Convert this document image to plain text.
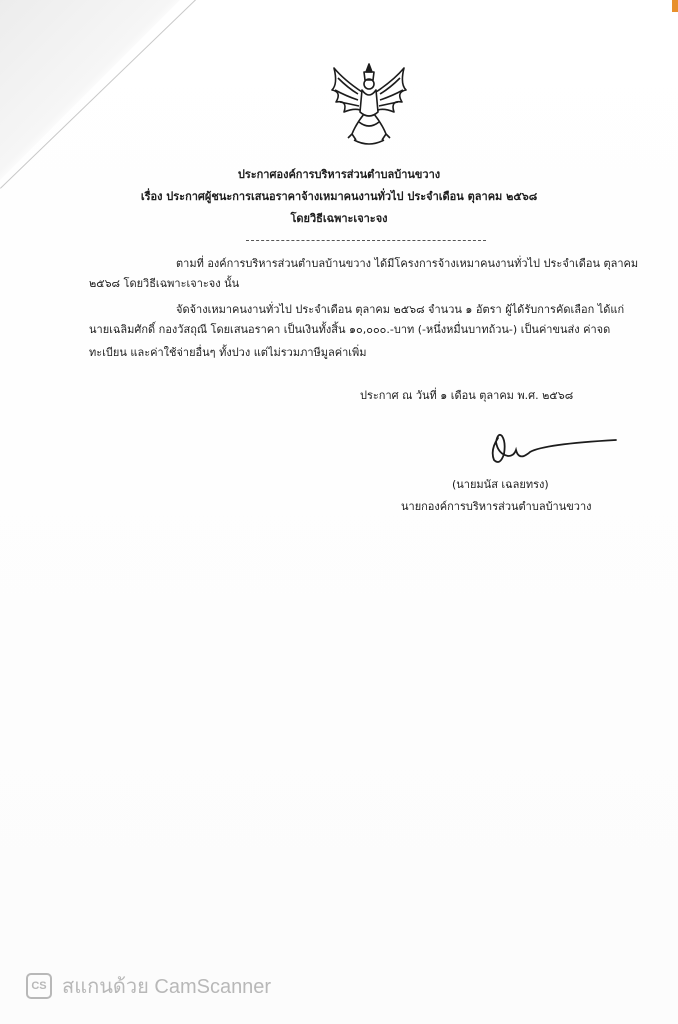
ประกาศองค์การบริหารส่วนตำบลบ้านขวาง
เรื่อง ประกาศผู้ชนะการเสนอราคาจ้างเหมาคนงานทั่วไป ประจำเดือน ตุลาคม ๒๕๖๘
โดยวิธีเฉพาะเจาะจง
ตามที่ องค์การบริหารส่วนตำบลบ้านขวาง ได้มีโครงการจ้างเหมาคนงานทั่วไป ประจำเดือน ตุลาคม
๒๕๖๘ โดยวิธีเฉพาะเจาะจง นั้น
จัดจ้างเหมาคนงานทั่วไป ประจำเดือน ตุลาคม ๒๕๖๘ จำนวน ๑ อัตรา ผู้ได้รับการคัดเลือก ได้แก่
นายเฉลิมศักดิ์ กองวัสถุณี โดยเสนอราคา เป็นเงินทั้งสิ้น ๑๐,๐๐๐.-บาท (-หนึ่งหมื่นบาทถ้วน-) เป็นค่าขนส่ง ค่าจด
ทะเบียน และค่าใช้จ่ายอื่นๆ ทั้งปวง แต่ไม่รวมภาษีมูลค่าเพิ่ม
ประกาศ ณ วันที่ ๑ เดือน ตุลาคม พ.ศ. ๒๕๖๘
(นายมนัส เฉลยทรง)
นายกองค์การบริหารส่วนตำบลบ้านขวาง
CS สแกนด้วย CamScanner
